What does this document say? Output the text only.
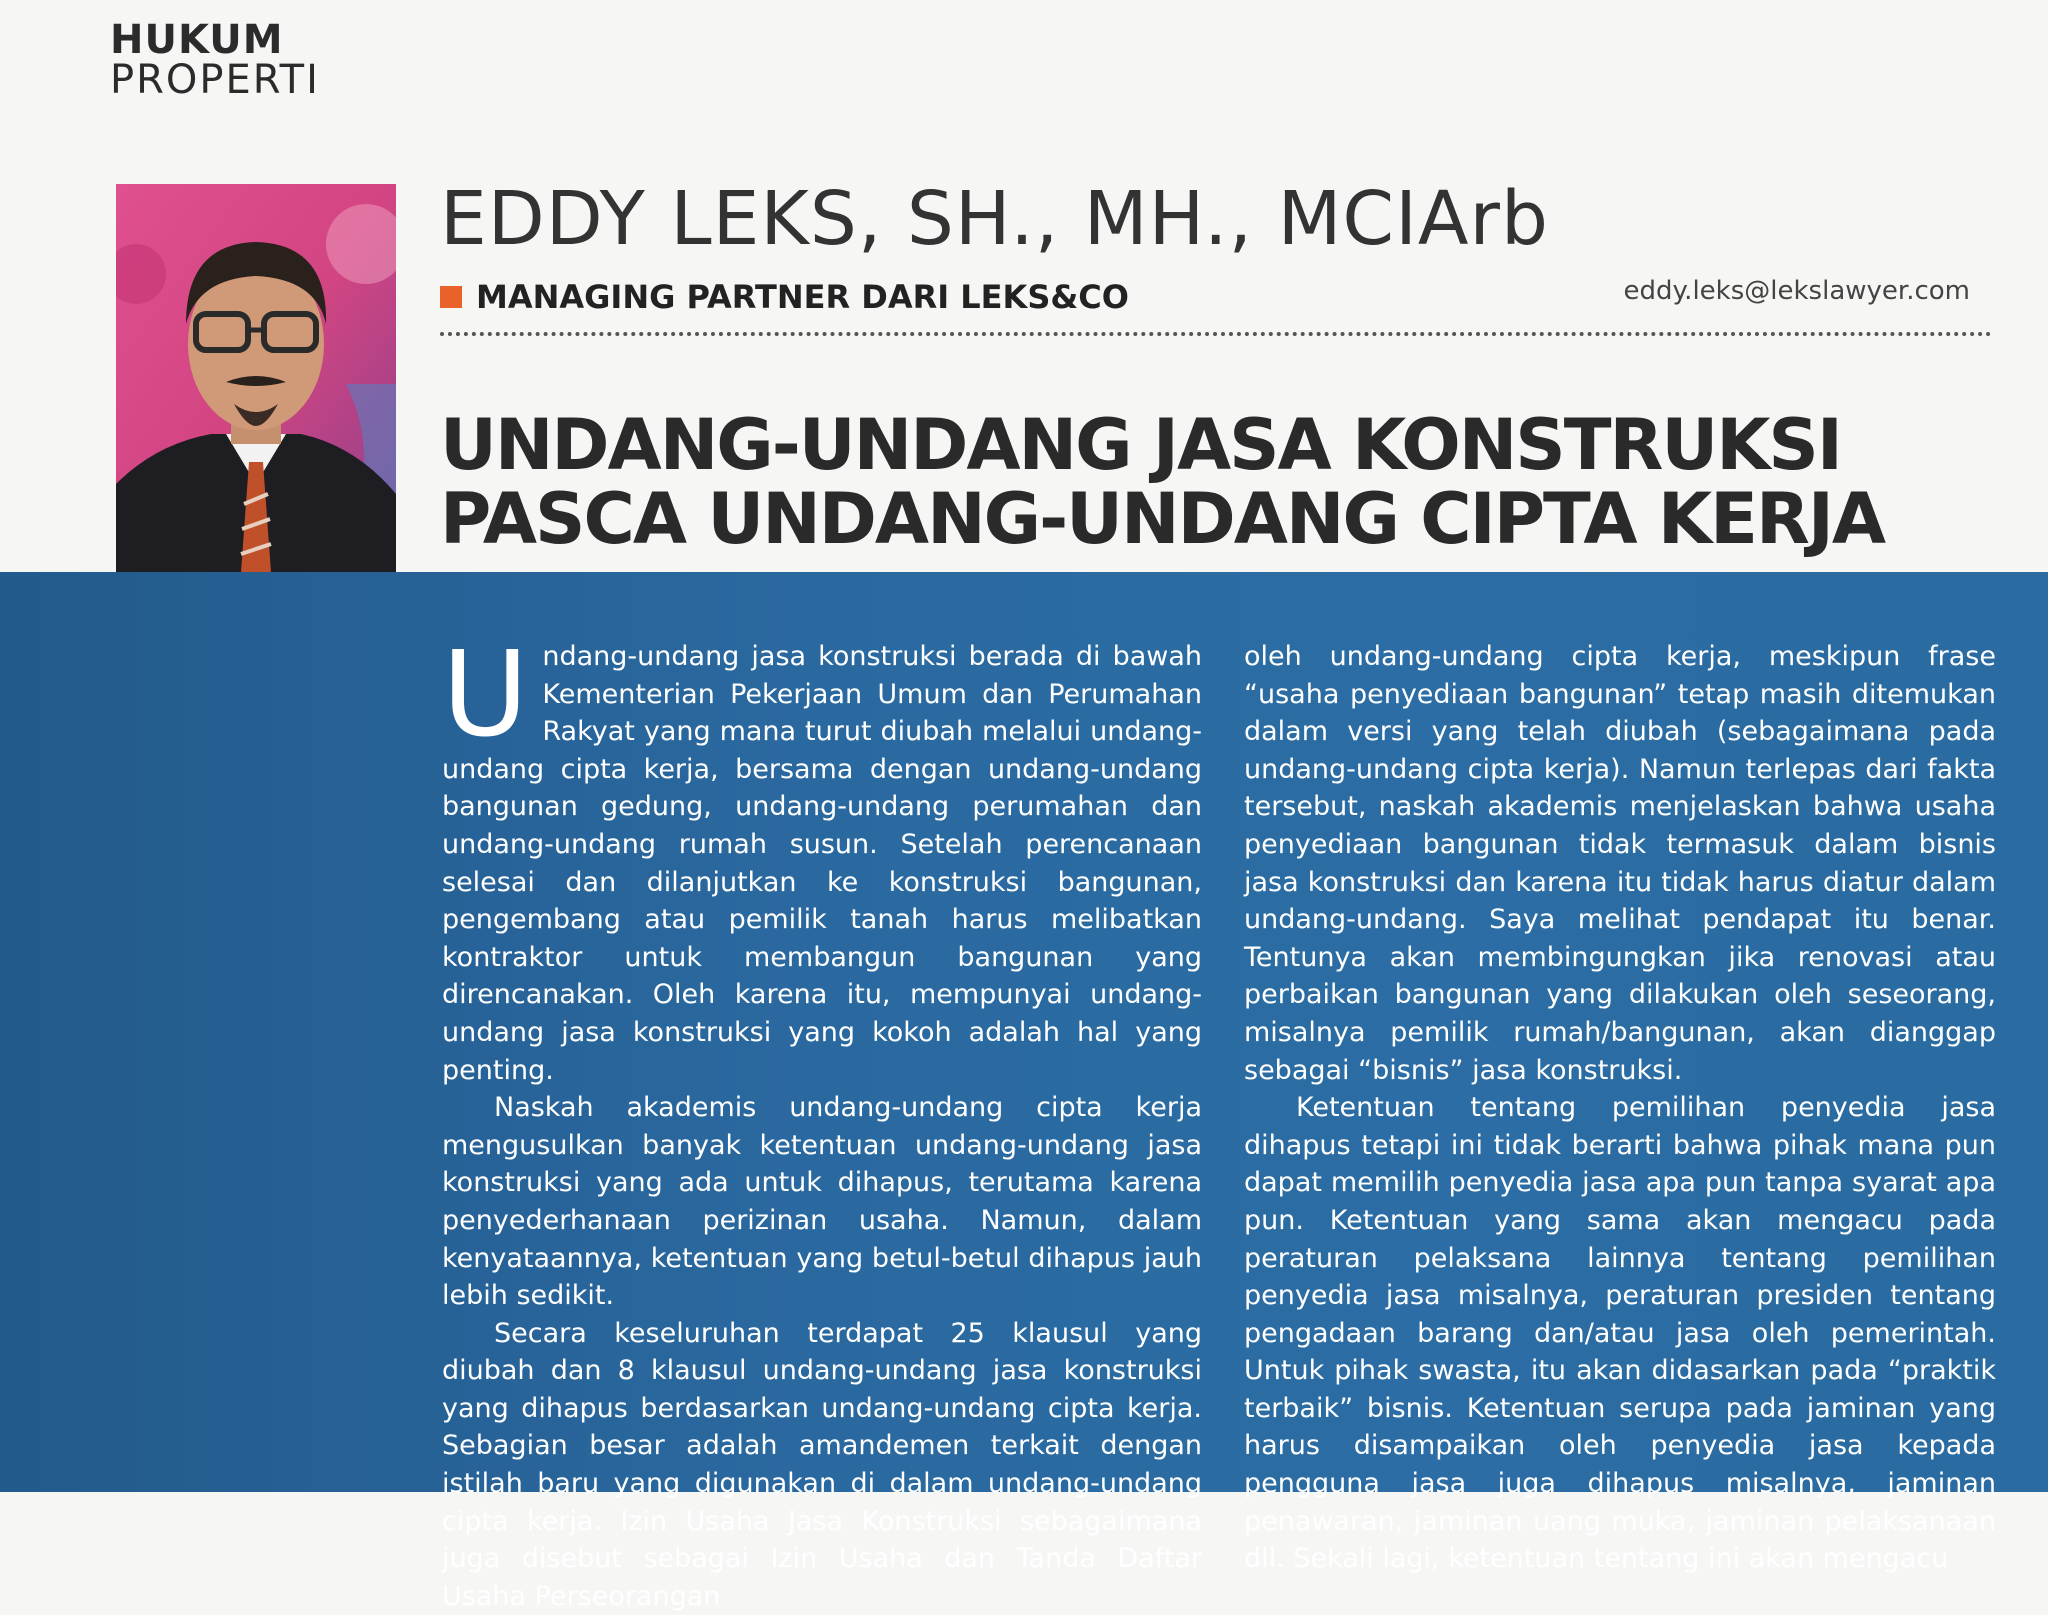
HUKUM
PROPERTI
EDDY LEKS, SH., MH., MCIArb
MANAGING PARTNER DARI LEKS&CO	eddy.leks@lekslawyer.com
UNDANG-UNDANG JASA KONSTRUKSI
PASCA UNDANG-UNDANG CIPTA KERJA

Undang-undang jasa konstruksi berada di bawah Kementerian Pekerjaan Umum dan Perumahan Rakyat yang mana turut diubah melalui undang-undang cipta kerja, bersama dengan undang-undang bangunan gedung, undang-undang perumahan dan undang-undang rumah susun. Setelah perencanaan selesai dan dilanjutkan ke konstruksi bangunan, pengembang atau pemilik tanah harus melibatkan kontraktor untuk membangun bangunan yang direncanakan. Oleh karena itu, mempunyai undang-undang jasa konstruksi yang kokoh adalah hal yang penting.

Naskah akademis undang-undang cipta kerja mengusulkan banyak ketentuan undang-undang jasa konstruksi yang ada untuk dihapus, terutama karena penyederhanaan perizinan usaha. Namun, dalam kenyataannya, ketentuan yang betul-betul dihapus jauh lebih sedikit.

Secara keseluruhan terdapat 25 klausul yang diubah dan 8 klausul undang-undang jasa konstruksi yang dihapus berdasarkan undang-undang cipta kerja. Sebagian besar adalah amandemen terkait dengan istilah baru yang digunakan di dalam undang-undang cipta kerja. Izin Usaha Jasa Konstruksi sebagaimana juga disebut sebagai Izin Usaha dan Tanda Daftar Usaha Perseorangan

oleh undang-undang cipta kerja, meskipun frase “usaha penyediaan bangunan” tetap masih ditemukan dalam versi yang telah diubah (sebagaimana pada undang-undang cipta kerja). Namun terlepas dari fakta tersebut, naskah akademis menjelaskan bahwa usaha penyediaan bangunan tidak termasuk dalam bisnis jasa konstruksi dan karena itu tidak harus diatur dalam undang-undang. Saya melihat pendapat itu benar. Tentunya akan membingungkan jika renovasi atau perbaikan bangunan yang dilakukan oleh seseorang, misalnya pemilik rumah/bangunan, akan dianggap sebagai “bisnis” jasa konstruksi.

Ketentuan tentang pemilihan penyedia jasa dihapus tetapi ini tidak berarti bahwa pihak mana pun dapat memilih penyedia jasa apa pun tanpa syarat apa pun. Ketentuan yang sama akan mengacu pada peraturan pelaksana lainnya tentang pemilihan penyedia jasa misalnya, peraturan presiden tentang pengadaan barang dan/atau jasa oleh pemerintah. Untuk pihak swasta, itu akan didasarkan pada “praktik terbaik” bisnis. Ketentuan serupa pada jaminan yang harus disampaikan oleh penyedia jasa kepada pengguna jasa juga dihapus misalnya, jaminan penawaran, jaminan uang muka, jaminan pelaksanaan dll. Sekali lagi, ketentuan tentang ini akan mengacu
